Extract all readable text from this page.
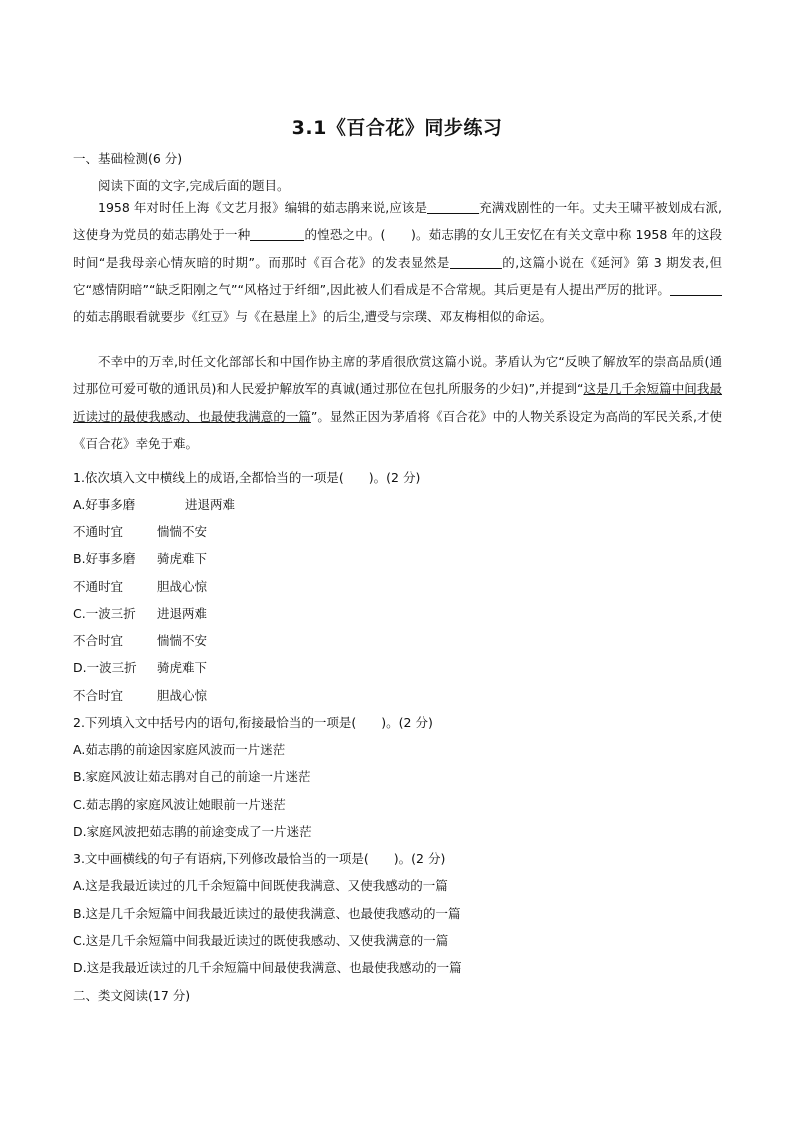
3.1《百合花》同步练习
一、基础检测(6 分)
阅读下面的文字,完成后面的题目。

1958 年对时任上海《文艺月报》编辑的茹志鹃来说,应该是	充满戏剧性的一年。丈夫王啸平被划成右派,这使身为党员的茹志鹃处于一种	的惶恐之中。(　　)。茹志鹃的女儿王安忆在有关文章中称 1958 年的这段时间“是我母亲心情灰暗的时期”。而那时《百合花》的发表显然是	的,这篇小说在《延河》第 3 期发表,但它“感情阴暗”“缺乏阳刚之气”“风格过于纤细”,因此被人们看成是不合常规。其后更是有人提出严厉的批评。的茹志鹃眼看就要步《红豆》与《在悬崖上》的后尘,遭受与宗璞、邓友梅相似的命运。

不幸中的万幸,时任文化部部长和中国作协主席的茅盾很欣赏这篇小说。茅盾认为它“反映了解放军的崇高品质(通过那位可爱可敬的通讯员)和人民爱护解放军的真诚(通过那位在包扎所服务的少妇)”,并提到“这是几千余短篇中间我最近读过的最使我感动、也最使我满意的一篇”。显然正因为茅盾将《百合花》中的人物关系设定为高尚的军民关系,才使《百合花》幸免于难。

1.依次填入文中横线上的成语,全都恰当的一项是(　　)。(2 分)
A.好事多磨	进退两难
不通时宜	惴惴不安
B.好事多磨 骑虎难下
不通时宜	胆战心惊
C.一波三折 进退两难
不合时宜	惴惴不安
D.一波三折 骑虎难下
不合时宜	胆战心惊
2.下列填入文中括号内的语句,衔接最恰当的一项是(　　)。(2 分)
A.茹志鹃的前途因家庭风波而一片迷茫
B.家庭风波让茹志鹃对自己的前途一片迷茫
C.茹志鹃的家庭风波让她眼前一片迷茫
D.家庭风波把茹志鹃的前途变成了一片迷茫
3.文中画横线的句子有语病,下列修改最恰当的一项是(　　)。(2 分)
A.这是我最近读过的几千余短篇中间既使我满意、又使我感动的一篇
B.这是几千余短篇中间我最近读过的最使我满意、也最使我感动的一篇
C.这是几千余短篇中间我最近读过的既使我感动、又使我满意的一篇
D.这是我最近读过的几千余短篇中间最使我满意、也最使我感动的一篇
二、类文阅读(17 分)
